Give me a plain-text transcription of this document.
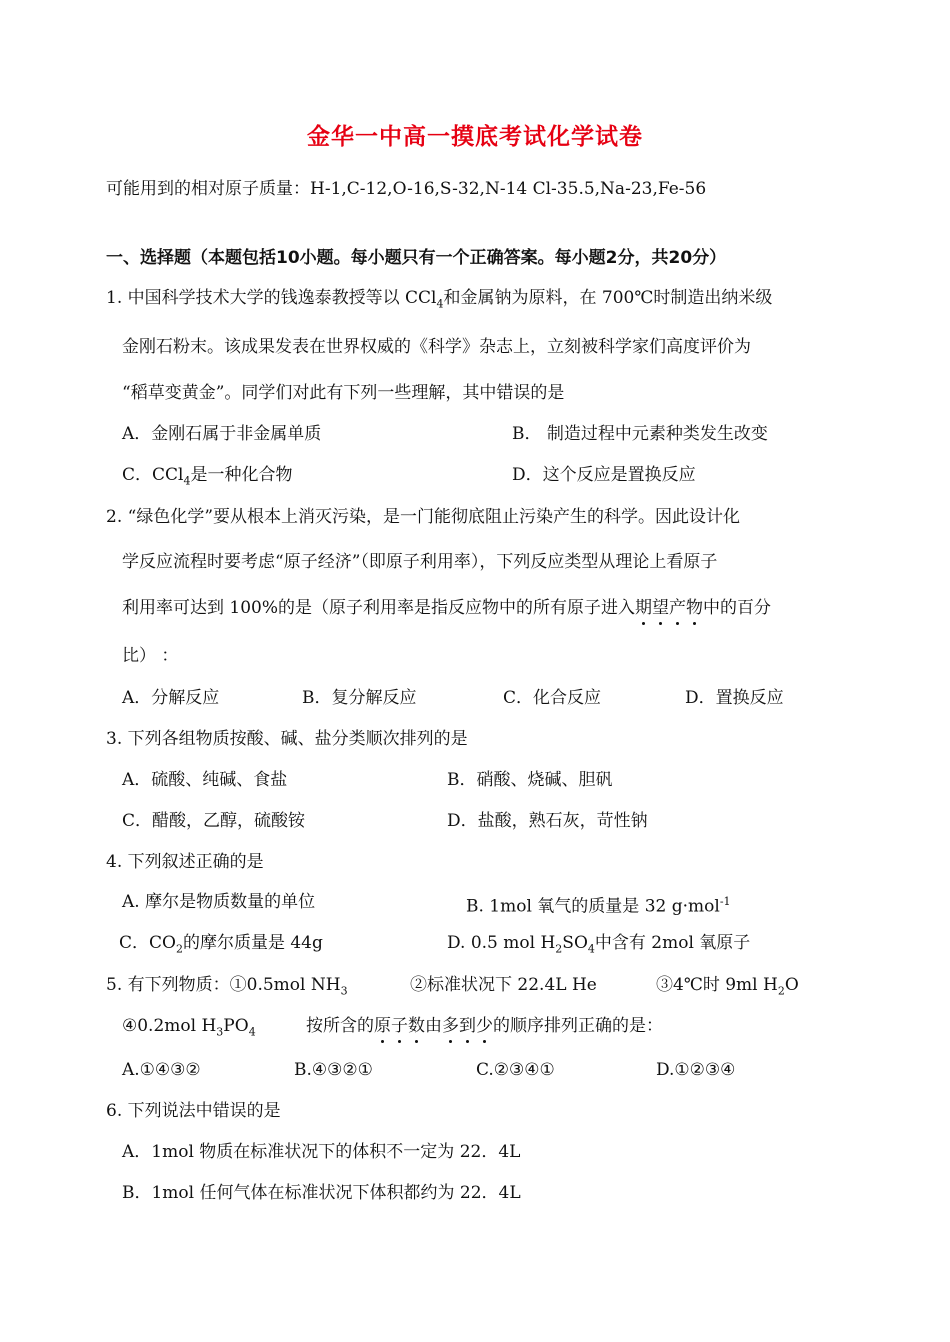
金华一中高一摸底考试化学试卷
可能用到的相对原子质量：H-1,C-12,O-16,S-32,N-14 Cl-35.5,Na-23,Fe-56
一、选择题（本题包括10小题。每小题只有一个正确答案。每小题2分，共20分）
1. 中国科学技术大学的钱逸泰教授等以 CCl$_4$和金属钠为原料，在 700℃时制造出纳米级
金刚石粉末。该成果发表在世界权威的《科学》杂志上，立刻被科学家们高度评价为
“稻草变黄金”。同学们对此有下列一些理解，其中错误的是
A．金刚石属于非金属单质	B． 制造过程中元素种类发生改变
C．CCl$_4$是一种化合物	D．这个反应是置换反应
2. “绿色化学”要从根本上消灭污染，是一门能彻底阻止污染产生的科学。因此设计化
学反应流程时要考虑“原子经济”（即原子利用率），下列反应类型从理论上看原子
利用率可达到 100%的是（原子利用率是指反应物中的所有原子进入期望产物
中的百分
比） ：
A．分解反应	B．复分解反应	C．化合反应	D．置换反应
3. 下列各组物质按酸、碱、盐分类顺次排列的是
A．硫酸、纯碱、食盐	B．硝酸、烧碱、胆矾
C．醋酸，乙醇，硫酸铵	D．盐酸，熟石灰，苛性钠
4. 下列叙述正确的是
A. 摩尔是物质数量的单位	B. 1mol 氧气的质量是 32 g·mol$^{-1}$
C．$CO_2$的摩尔质量是 44g	D. 0.5 mol $H_2SO_4$中含有 2mol 氧原子
5. 有下列物质：①0.5mol $NH_3$	②标准状况下 22.4L He	③4℃时 9ml $H_2O$
④0.2mol $H_3PO_4$	按所含的原子数
由多到少
的顺序排列正确的是：
A.①④③②	B.④③②①	C.②③④①	D.①②③④
6. 下列说法中错误的是
A．1mol 物质在标准状况下的体积不一定为 22．4L
B．1mol 任何气体在标准状况下体积都约为 22．4L
